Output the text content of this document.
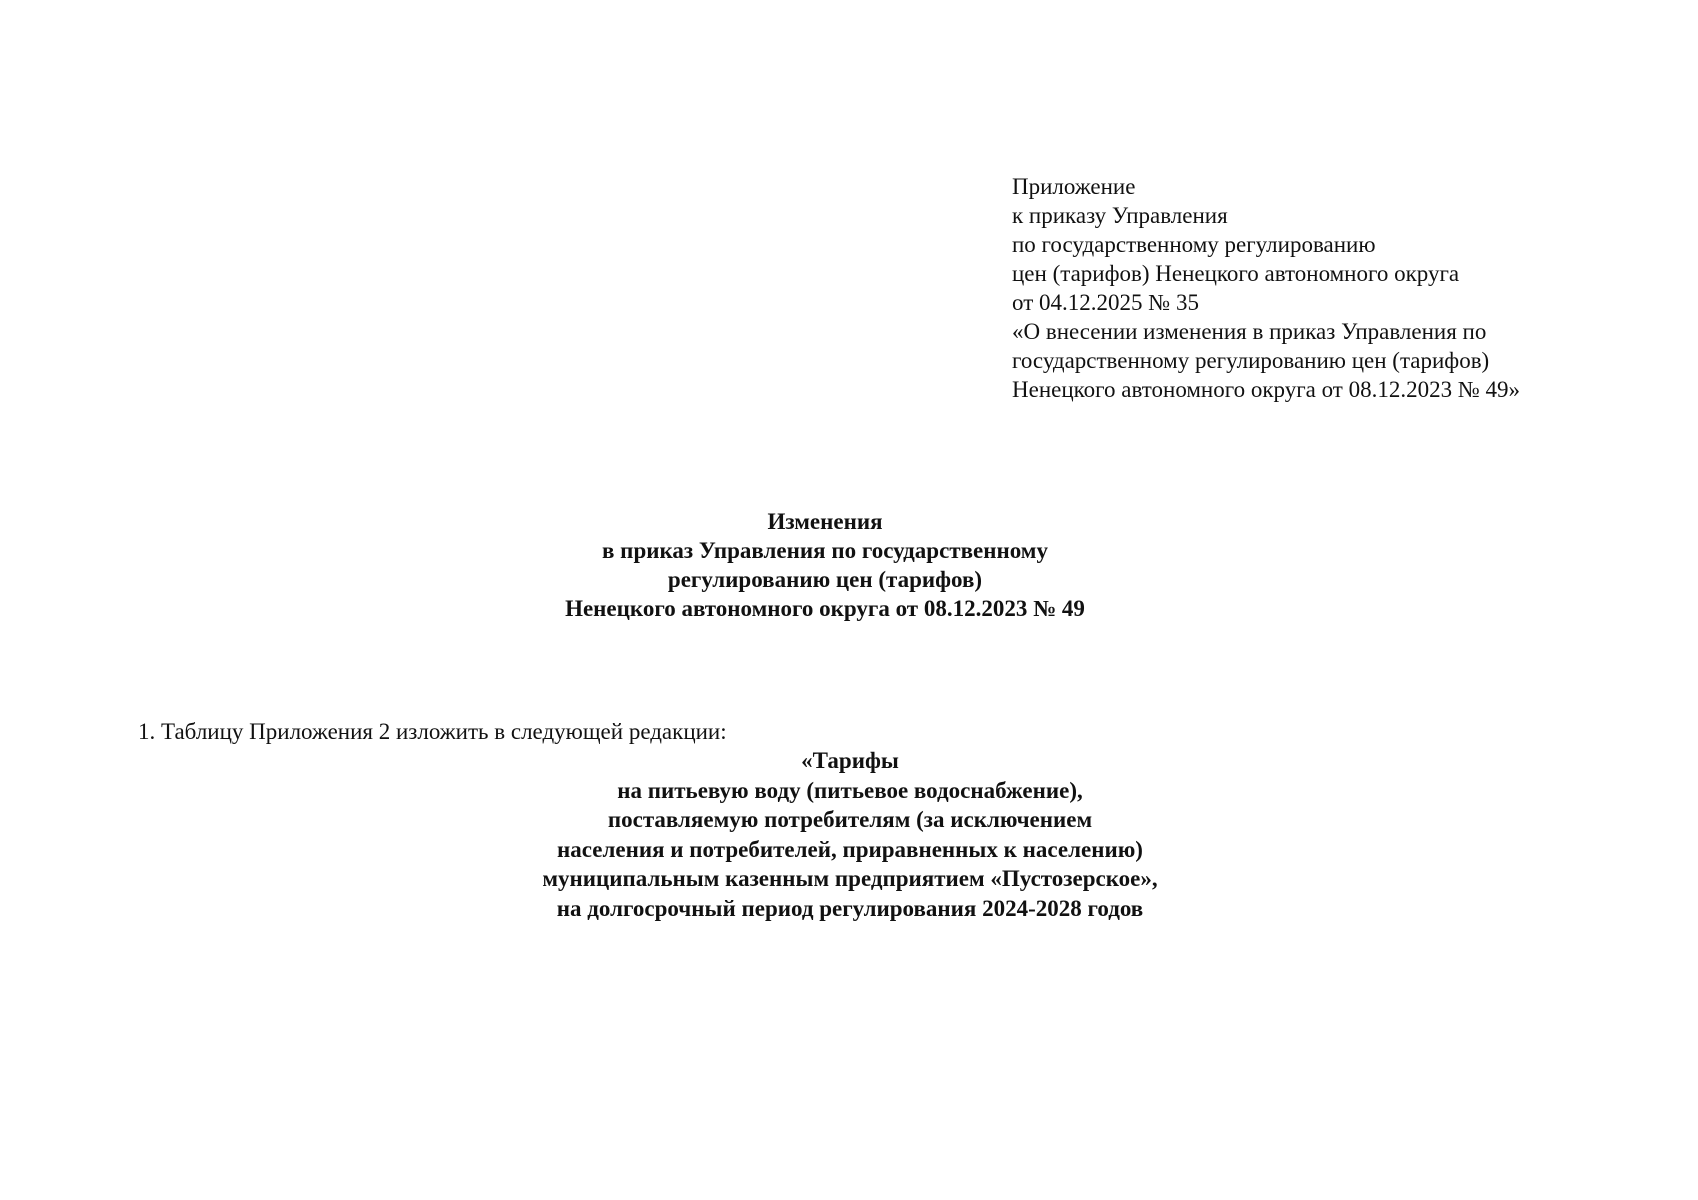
Приложение
к приказу Управления
по государственному регулированию
цен (тарифов) Ненецкого автономного округа
от 04.12.2025 № 35
«О внесении изменения в приказ Управления по
государственному регулированию цен (тарифов)
Ненецкого автономного округа от 08.12.2023 № 49»
Изменения
в приказ Управления по государственному
регулированию цен (тарифов)
Ненецкого автономного округа от 08.12.2023 № 49
1. Таблицу Приложения 2 изложить в следующей редакции:
«Тарифы
на питьевую воду (питьевое водоснабжение),
поставляемую потребителям (за исключением
населения и потребителей, приравненных к населению)
муниципальным казенным предприятием «Пустозерское»,
на долгосрочный период регулирования 2024-2028 годов
